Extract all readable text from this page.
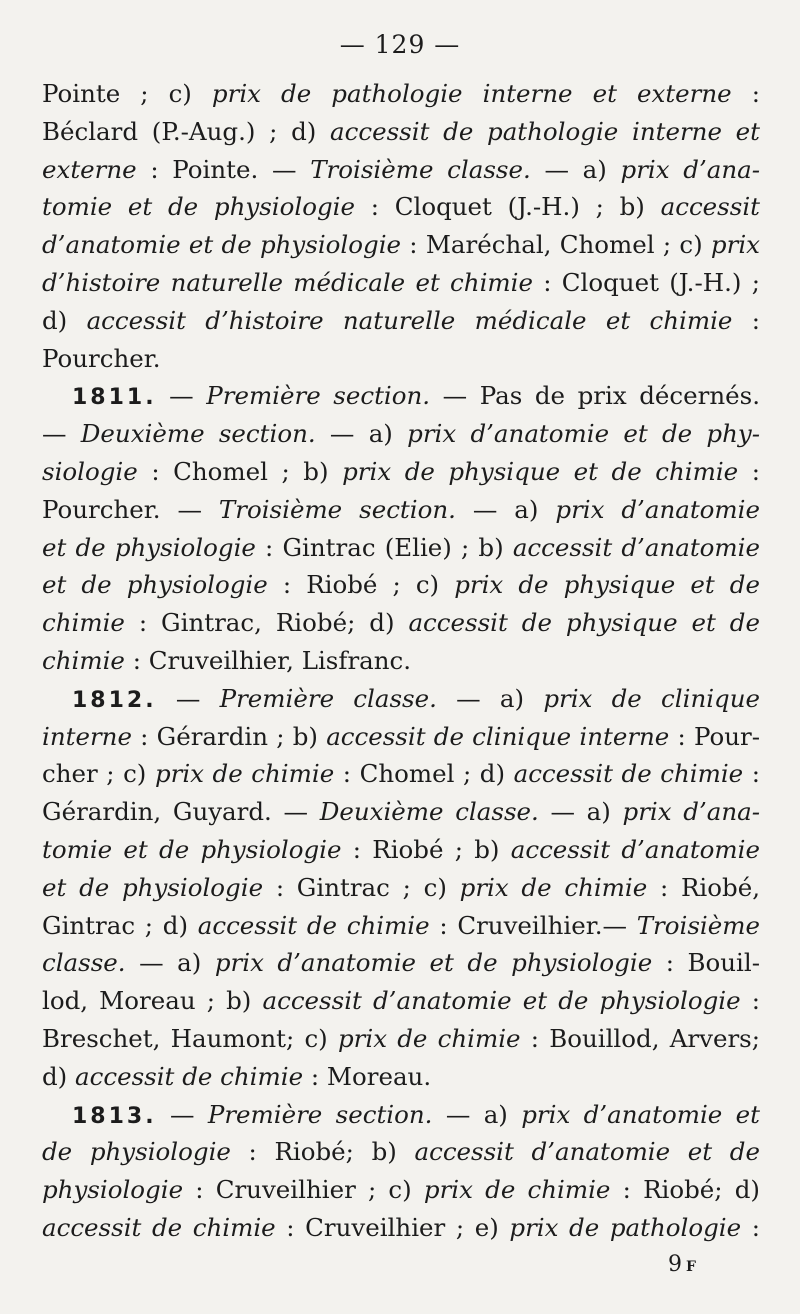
— 129 —
Pointe ; c) prix de pathologie interne et externe :
Béclard (P.-Aug.) ; d) accessit de pathologie interne et
externe : Pointe. — Troisième classe. — a) prix d’ana-
tomie et de physiologie : Cloquet (J.-H.) ; b) accessit
d’anatomie et de physiologie : Maréchal, Chomel ; c) prix
d’histoire naturelle médicale et chimie : Cloquet (J.-H.) ;
d) accessit d’histoire naturelle médicale et chimie :
Pourcher.
1811. — Première section. — Pas de prix décernés.
— Deuxième section. — a) prix d’anatomie et de phy-
siologie : Chomel ; b) prix de physique et de chimie :
Pourcher. — Troisième section. — a) prix d’anatomie
et de physiologie : Gintrac (Elie) ; b) accessit d’anatomie
et de physiologie : Riobé ; c) prix de physique et de
chimie : Gintrac, Riobé; d) accessit de physique et de
chimie : Cruveilhier, Lisfranc.
1812. — Première classe. — a) prix de clinique
interne : Gérardin ; b) accessit de clinique interne : Pour-
cher ; c) prix de chimie : Chomel ; d) accessit de chimie :
Gérardin, Guyard. — Deuxième classe. — a) prix d’ana-
tomie et de physiologie : Riobé ; b) accessit d’anatomie
et de physiologie : Gintrac ; c) prix de chimie : Riobé,
Gintrac ; d) accessit de chimie : Cruveilhier.— Troisième
classe. — a) prix d’anatomie et de physiologie : Bouil-
lod, Moreau ; b) accessit d’anatomie et de physiologie :
Breschet, Haumont; c) prix de chimie : Bouillod, Arvers;
d) accessit de chimie : Moreau.
1813. — Première section. — a) prix d’anatomie et
de physiologie : Riobé; b) accessit d’anatomie et de
physiologie : Cruveilhier ; c) prix de chimie : Riobé; d)
accessit de chimie : Cruveilhier ; e) prix de pathologie :
9 F
